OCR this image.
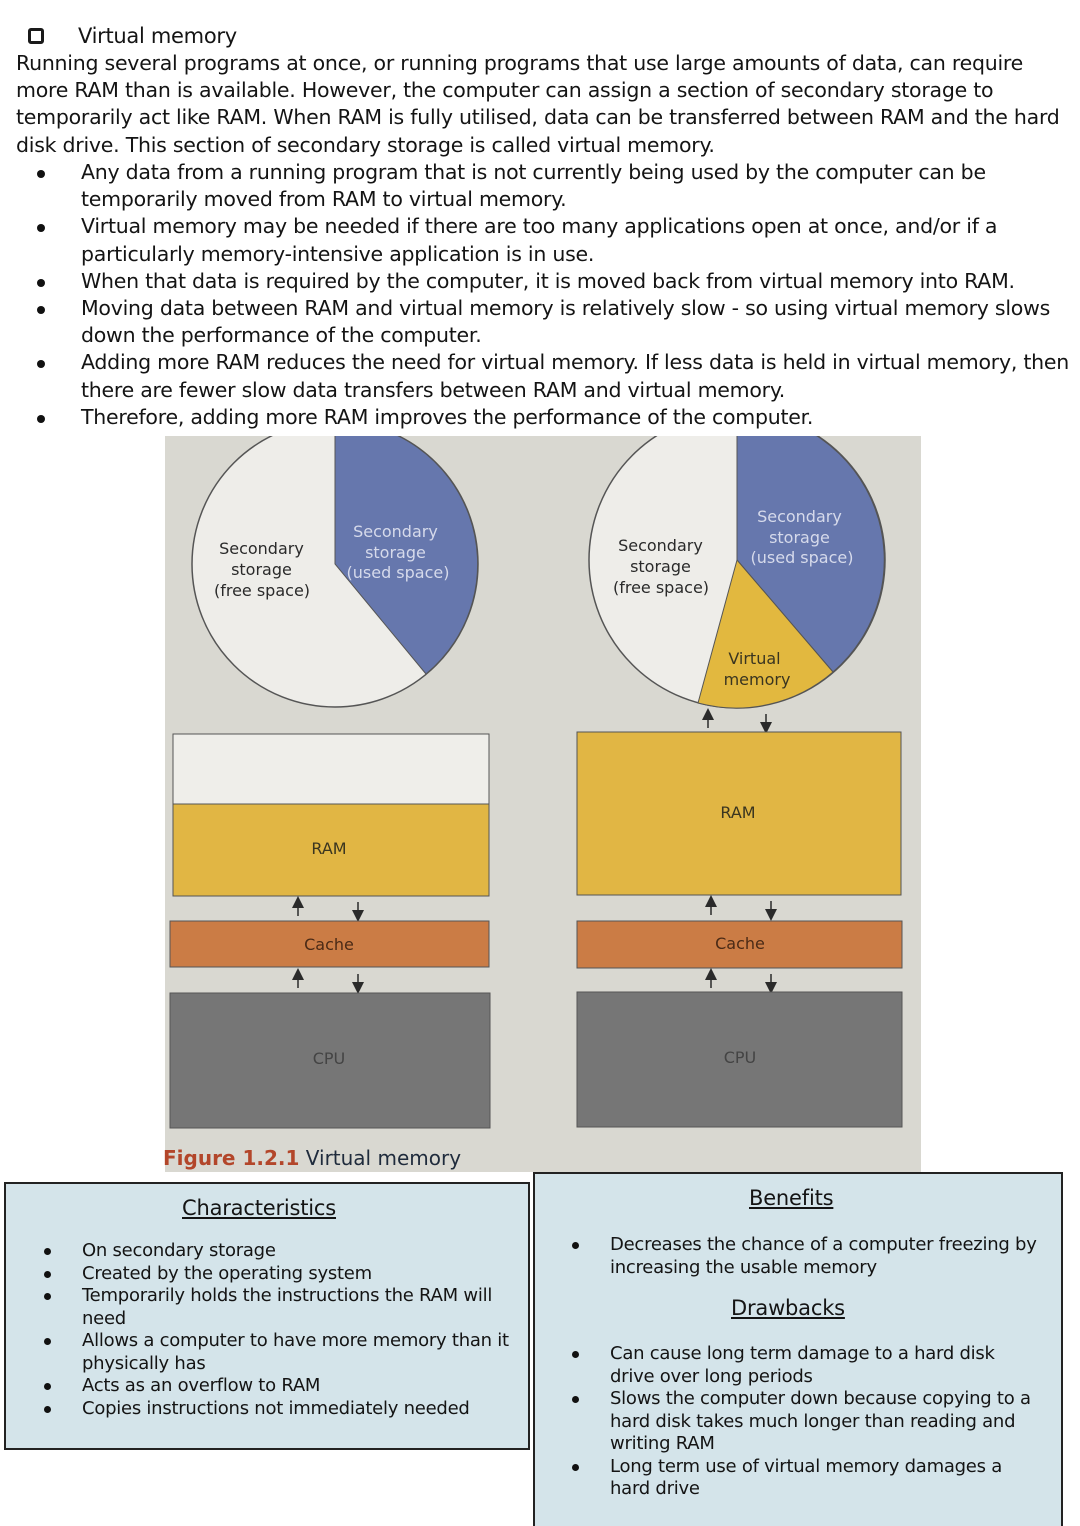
Virtual memory

Running several programs at once, or running programs that use large amounts of data, can require more RAM than is available. However, the computer can assign a section of secondary storage to temporarily act like RAM. When RAM is fully utilised, data can be transferred between RAM and the hard disk drive. This section of secondary storage is called virtual memory.

Any data from a running program that is not currently being used by the computer can be temporarily moved from RAM to virtual memory.
Virtual memory may be needed if there are too many applications open at once, and/or if a particularly memory-intensive application is in use.
When that data is required by the computer, it is moved back from virtual memory into RAM.
Moving data between RAM and virtual memory is relatively slow - so using virtual memory slows down the performance of the computer.
Adding more RAM reduces the need for virtual memory. If less data is held in virtual memory, then there are fewer slow data transfers between RAM and virtual memory.
Therefore, adding more RAM improves the performance of the computer.
Secondary storage (free space)
Secondary storage (used space)
RAM
Cache
CPU
Secondary storage (free space)
Secondary storage (used space)
Virtual memory
RAM
Cache
CPU
Figure 1.2.1 Virtual memory
Characteristics
On secondary storage
Created by the operating system
Temporarily holds the instructions the RAM will need
Allows a computer to have more memory than it physically has
Acts as an overflow to RAM
Copies instructions not immediately needed
Benefits
Decreases the chance of a computer freezing by increasing the usable memory
Drawbacks
Can cause long term damage to a hard disk drive over long periods
Slows the computer down because copying to a hard disk takes much longer than reading and writing RAM
Long term use of virtual memory damages a hard drive
